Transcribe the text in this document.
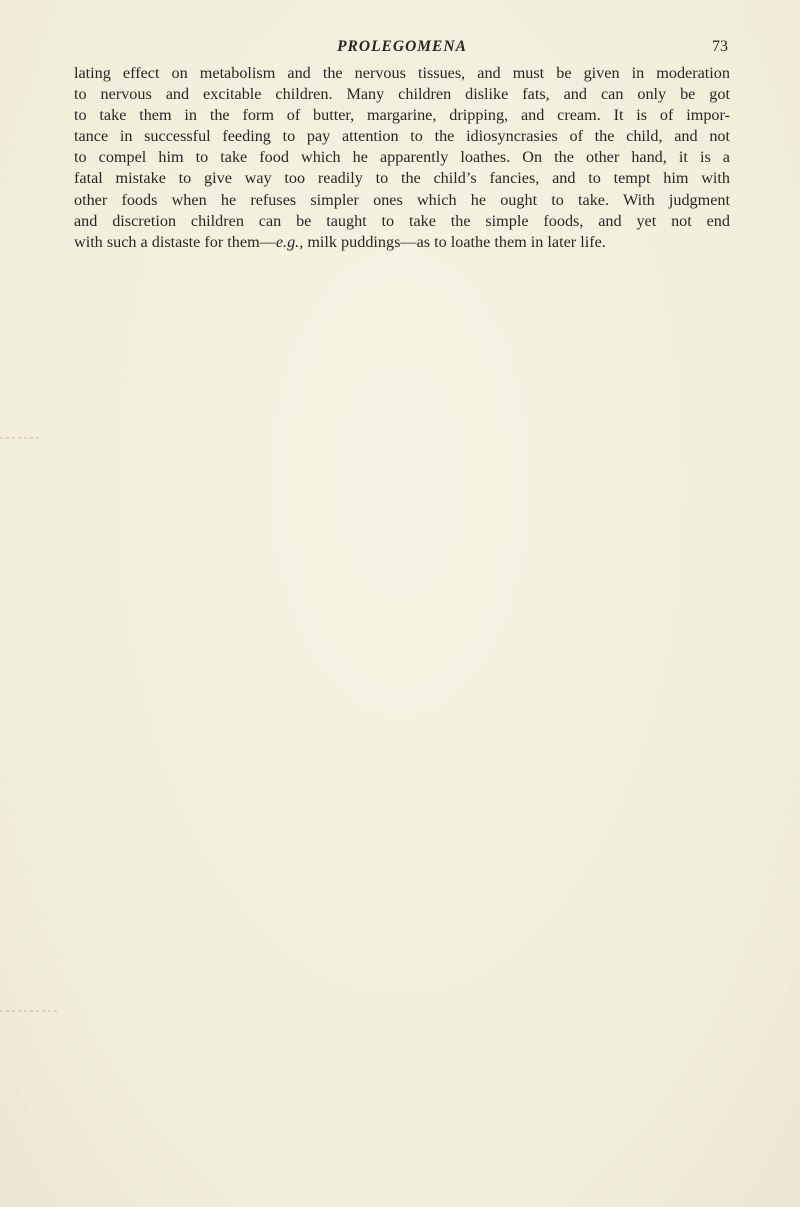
PROLEGOMENA	73
lating effect on metabolism and the nervous tissues, and must be given in moderation
to nervous and excitable children. Many children dislike fats, and can only be got
to take them in the form of butter, margarine, dripping, and cream. It is of impor-
tance in successful feeding to pay attention to the idiosyncrasies of the child, and not
to compel him to take food which he apparently loathes. On the other hand, it is a
fatal mistake to give way too readily to the child’s fancies, and to tempt him with
other foods when he refuses simpler ones which he ought to take. With judgment
and discretion children can be taught to take the simple foods, and yet not end
with such a distaste for them—e.g., milk puddings—as to loathe them in later life.
